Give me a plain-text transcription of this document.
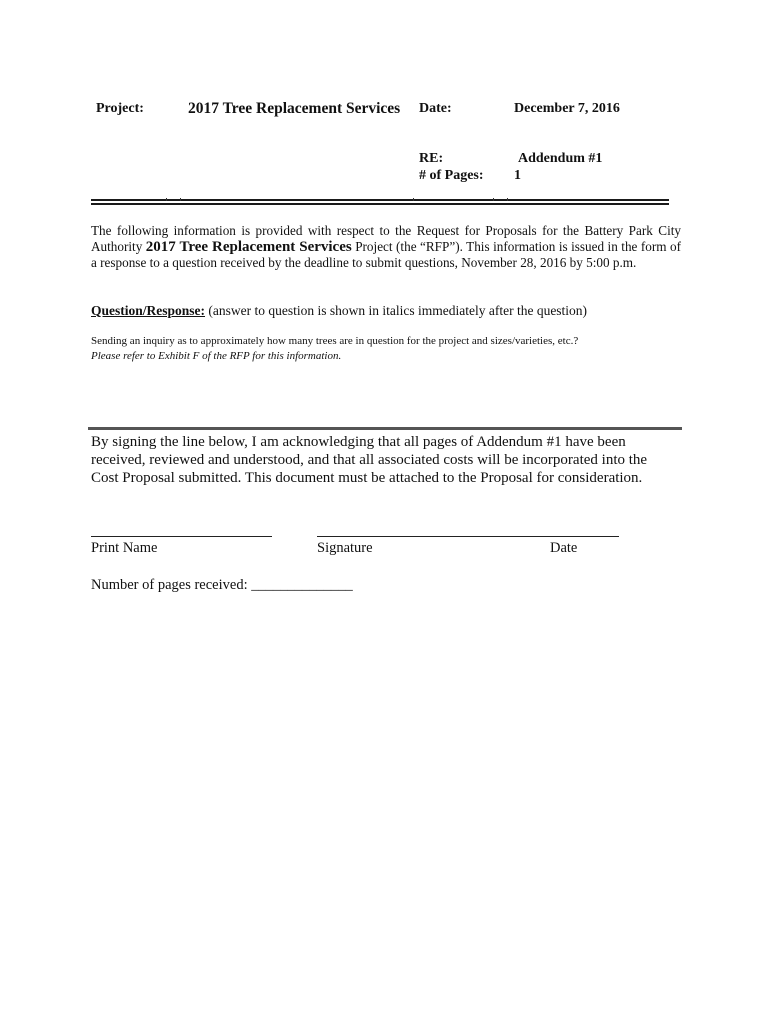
Project:	2017 Tree Replacement Services Date:	December 7, 2016
RE:	Addendum #1
# of Pages: 1
The following information is provided with respect to the Request for Proposals for the Battery Park City Authority 2017 Tree Replacement Services Project (the “RFP”). This information is issued in the form of a response to a question received by the deadline to submit questions, November 28, 2016 by 5:00 p.m.
Question/Response: (answer to question is shown in italics immediately after the question)
Sending an inquiry as to approximately how many trees are in question for the project and sizes/varieties, etc.?
Please refer to Exhibit F of the RFP for this information.
By signing the line below, I am acknowledging that all pages of Addendum #1 have been received, reviewed and understood, and that all associated costs will be incorporated into the Cost Proposal submitted. This document must be attached to the Proposal for consideration.
Print Name	Signature	Date
Number of pages received: ______________
